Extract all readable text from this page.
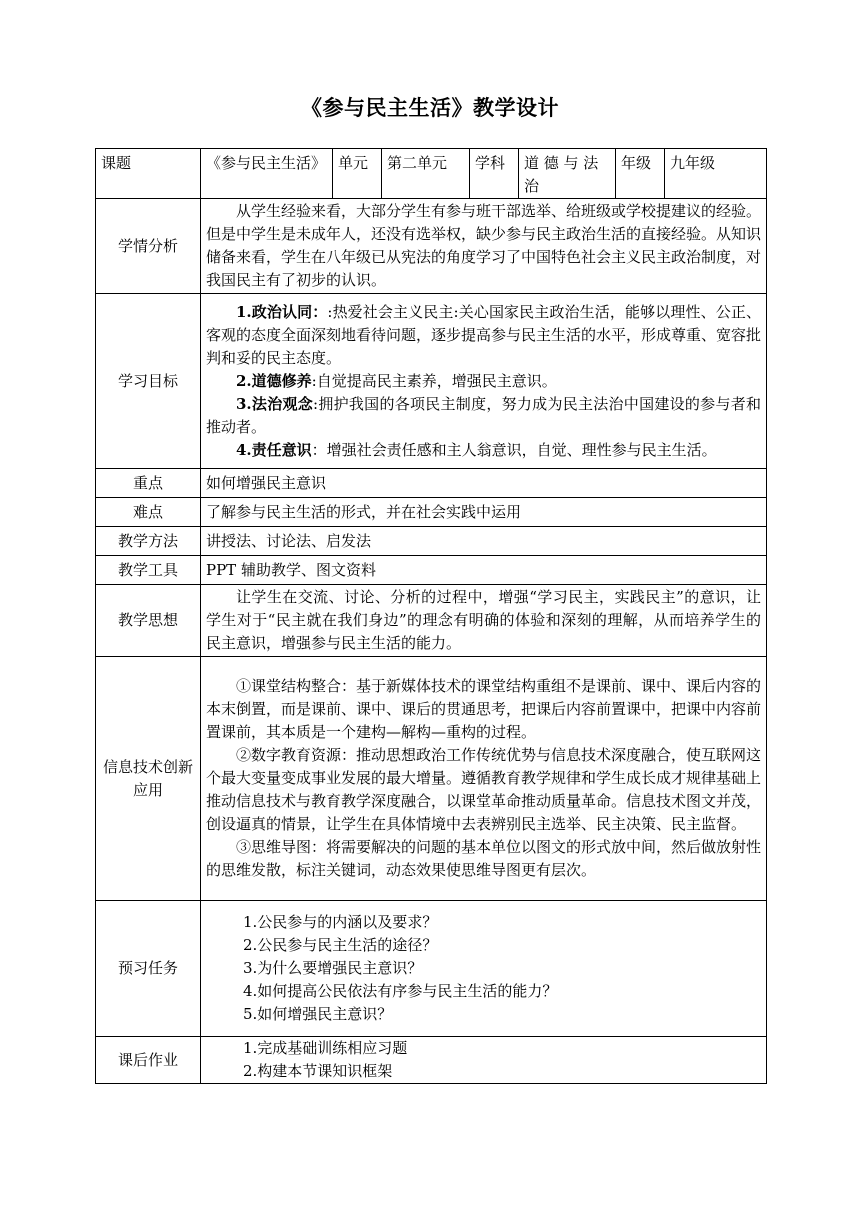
《参与民主生活》教学设计
课题	《参与民主生活》	单元	第二单元	学科	道 德 与 法 治	年级	九年级
学情分析	从学生经验来看，大部分学生有参与班干部选举、给班级或学校提建议的经验。但是中学生是未成年人，还没有选举权，缺少参与民主政治生活的直接经验。从知识储备来看，学生在八年级已从宪法的角度学习了中国特色社会主义民主政治制度，对我国民主有了初步的认识。						

学习目标	1.政治认同：:热爱社会主义民主:关心国家民主政治生活，能够以理性、公正、客观的态度全面深刻地看待问题，逐步提高参与民主生活的水平，形成尊重、宽容批判和妥的民主态度。

2.道德修养:自觉提高民主素养，增强民主意识。

3.法治观念:拥护我国的各项民主制度，努力成为民主法治中国建设的参与者和推动者。

4.责任意识：增强社会责任感和主人翁意识，自觉、理性参与民主生活。						

重点	如何增强民主意识						
难点	了解参与民主生活的形式，并在社会实践中运用						
教学方法	讲授法、讨论法、启发法						
教学工具	PPT 辅助教学、图文资料						
教学思想	让学生在交流、讨论、分析的过程中，增强“学习民主，实践民主”的意识，让学生对于“民主就在我们身边”的理念有明确的体验和深刻的理解，从而培养学生的民主意识，增强参与民主生活的能力。						

信息技术创新应用	①课堂结构整合：基于新媒体技术的课堂结构重组不是课前、课中、课后内容的本末倒置，而是课前、课中、课后的贯通思考，把课后内容前置课中，把课中内容前置课前，其本质是一个建构—解构—重构的过程。

②数字教育资源：推动思想政治工作传统优势与信息技术深度融合，使互联网这个最大变量变成事业发展的最大增量。遵循教育教学规律和学生成长成才规律基础上推动信息技术与教育教学深度融合，以课堂革命推动质量革命。信息技术图文并茂，创设逼真的情景，让学生在具体情境中去表辨别民主选举、民主决策、民主监督。

③思维导图：将需要解决的问题的基本单位以图文的形式放中间，然后做放射性的思维发散，标注关键词，动态效果使思维导图更有层次。						

预习任务	1.公民参与的内涵以及要求？

2.公民参与民主生活的途径？

3.为什么要增强民主意识？

4.如何提高公民依法有序参与民主生活的能力？

5.如何增强民主意识？						

课后作业	1.完成基础训练相应习题

2.构建本节课知识框架						
